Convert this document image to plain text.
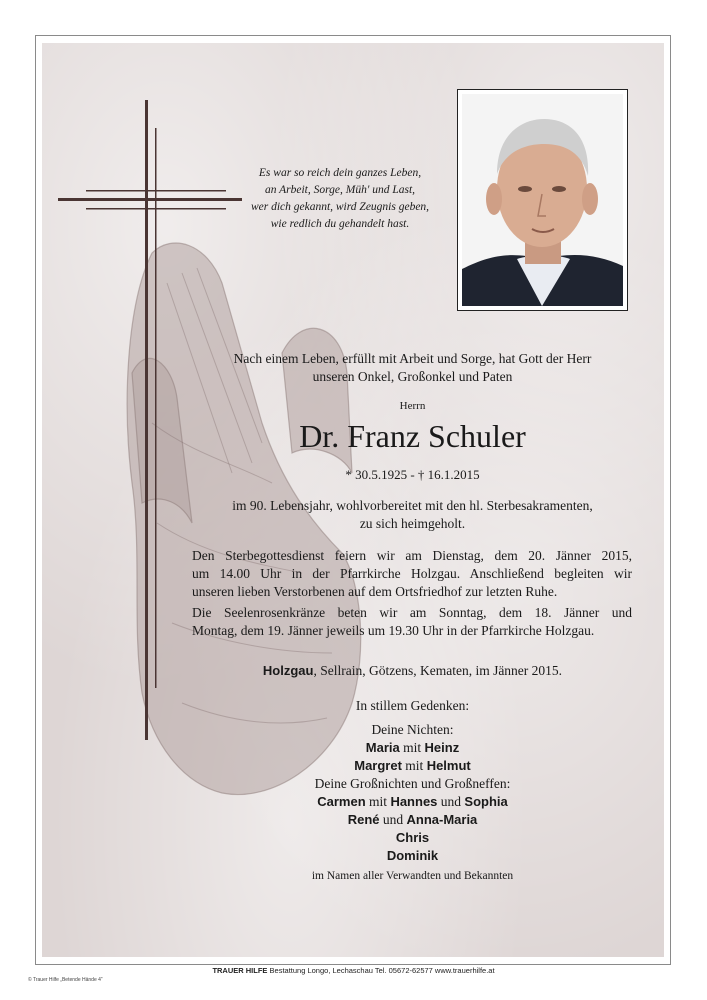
Es war so reich dein ganzes Leben,
an Arbeit, Sorge, Müh' und Last,
wer dich gekannt, wird Zeugnis geben,
wie redlich du gehandelt hast.
Nach einem Leben, erfüllt mit Arbeit und Sorge, hat Gott der Herr
unseren Onkel, Großonkel und Paten
Herrn
Dr. Franz Schuler
* 30.5.1925 - † 16.1.2015
im 90. Lebensjahr, wohlvorbereitet mit den hl. Sterbesakramenten,
zu sich heimgeholt.
Den Sterbegottesdienst feiern wir am Dienstag, dem 20. Jänner 2015,
um 14.00 Uhr in der Pfarrkirche Holzgau. Anschließend begleiten wir
unseren lieben Verstorbenen auf dem Ortsfriedhof zur letzten Ruhe.
Die Seelenrosenkränze beten wir am Sonntag, dem 18. Jänner und
Montag, dem 19. Jänner jeweils um 19.30 Uhr in der Pfarrkirche Holzgau.
Holzgau, Sellrain, Götzens, Kematen, im Jänner 2015.
In stillem Gedenken:
Deine Nichten:
Maria mit Heinz
Margret mit Helmut
Deine Großnichten und Großneffen:
Carmen mit Hannes und Sophia
René und Anna-Maria
Chris
Dominik
im Namen aller Verwandten und Bekannten
TRAUER HILFE Bestattung Longo, Lechaschau Tel. 05672-62577 www.trauerhilfe.at
© Trauer Hilfe „Betende Hände 4“
